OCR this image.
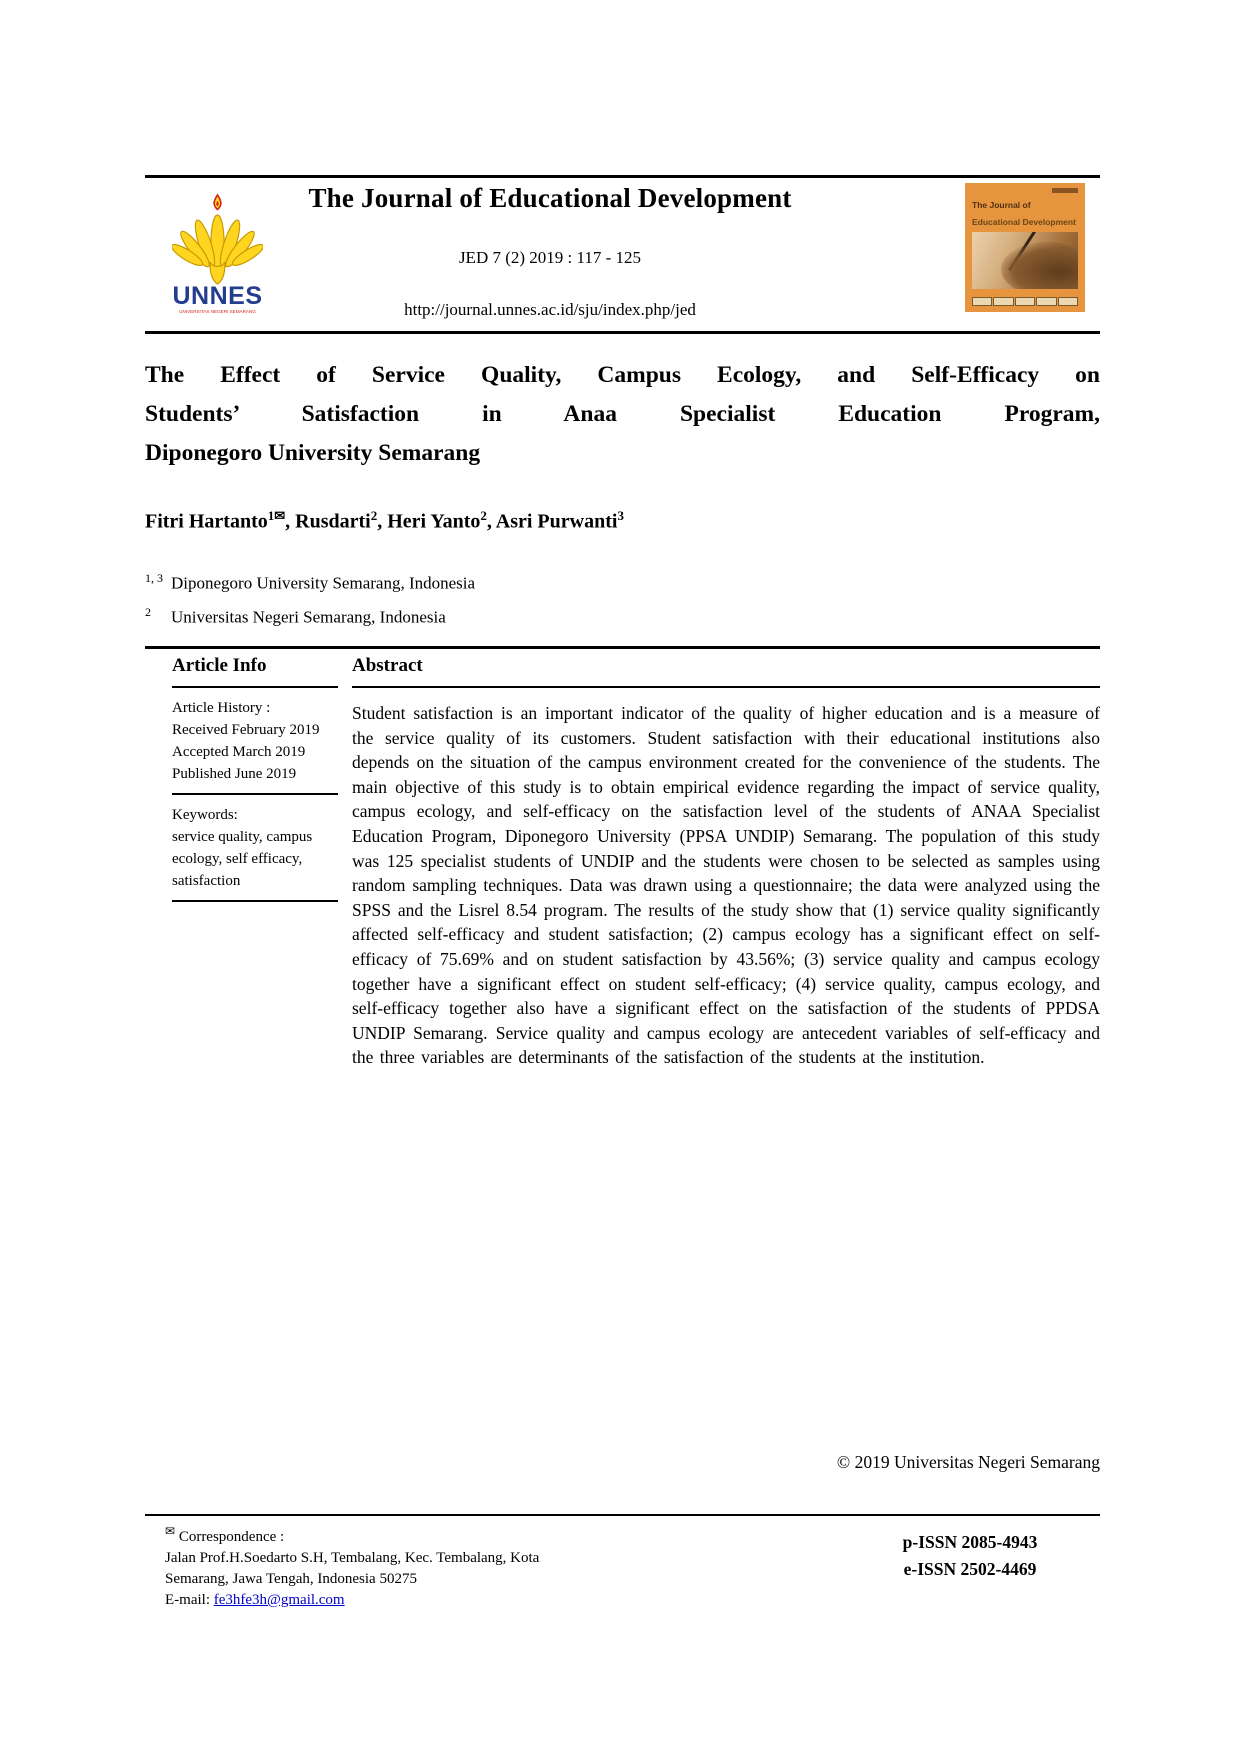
UNNES
UNIVERSITAS NEGERI SEMARANG
The Journal of Educational Development
JED 7 (2) 2019 : 117 - 125
http://journal.unnes.ac.id/sju/index.php/jed
The Journal of
Educational Development
The Effect of Service Quality, Campus Ecology, and Self-Efficacy on
Students’ Satisfaction in Anaa Specialist Education Program,
Diponegoro University Semarang
Fitri Hartanto$^{1✉}$, Rusdarti$^2$, Heri Yanto$^2$, Asri Purwanti$^3$
1, 3 Diponegoro University Semarang, Indonesia
2 Universitas Negeri Semarang, Indonesia
Article Info
Article History :
Received February 2019
Accepted March 2019
Published June 2019
Keywords:
service quality, campus ecology, self efficacy, satisfaction
Abstract
Student satisfaction is an important indicator of the quality of higher education and is a measure of the service quality of its customers. Student satisfaction with their educational institutions also depends on the situation of the campus environment created for the convenience of the students. The main objective of this study is to obtain empirical evidence regarding the impact of service quality, campus ecology, and self-efficacy on the satisfaction level of the students of ANAA Specialist Education Program, Diponegoro University (PPSA UNDIP) Semarang. The population of this study was 125 specialist students of UNDIP and the students were chosen to be selected as samples using random sampling techniques. Data was drawn using a questionnaire; the data were analyzed using the SPSS and the Lisrel 8.54 program. The results of the study show that (1) service quality significantly affected self-efficacy and student satisfaction; (2) campus ecology has a significant effect on self-efficacy of 75.69% and on student satisfaction by 43.56%; (3) service quality and campus ecology together have a significant effect on student self-efficacy; (4) service quality, campus ecology, and self-efficacy together also have a significant effect on the satisfaction of the students of PPDSA UNDIP Semarang. Service quality and campus ecology are antecedent variables of self-efficacy and the three variables are determinants of the satisfaction of the students at the institution.
© 2019 Universitas Negeri Semarang
✉ Correspondence :
Jalan Prof.H.Soedarto S.H, Tembalang, Kec. Tembalang, Kota
Semarang, Jawa Tengah, Indonesia 50275
E-mail: fe3hfe3h@gmail.com
p-ISSN 2085-4943
e-ISSN 2502-4469
